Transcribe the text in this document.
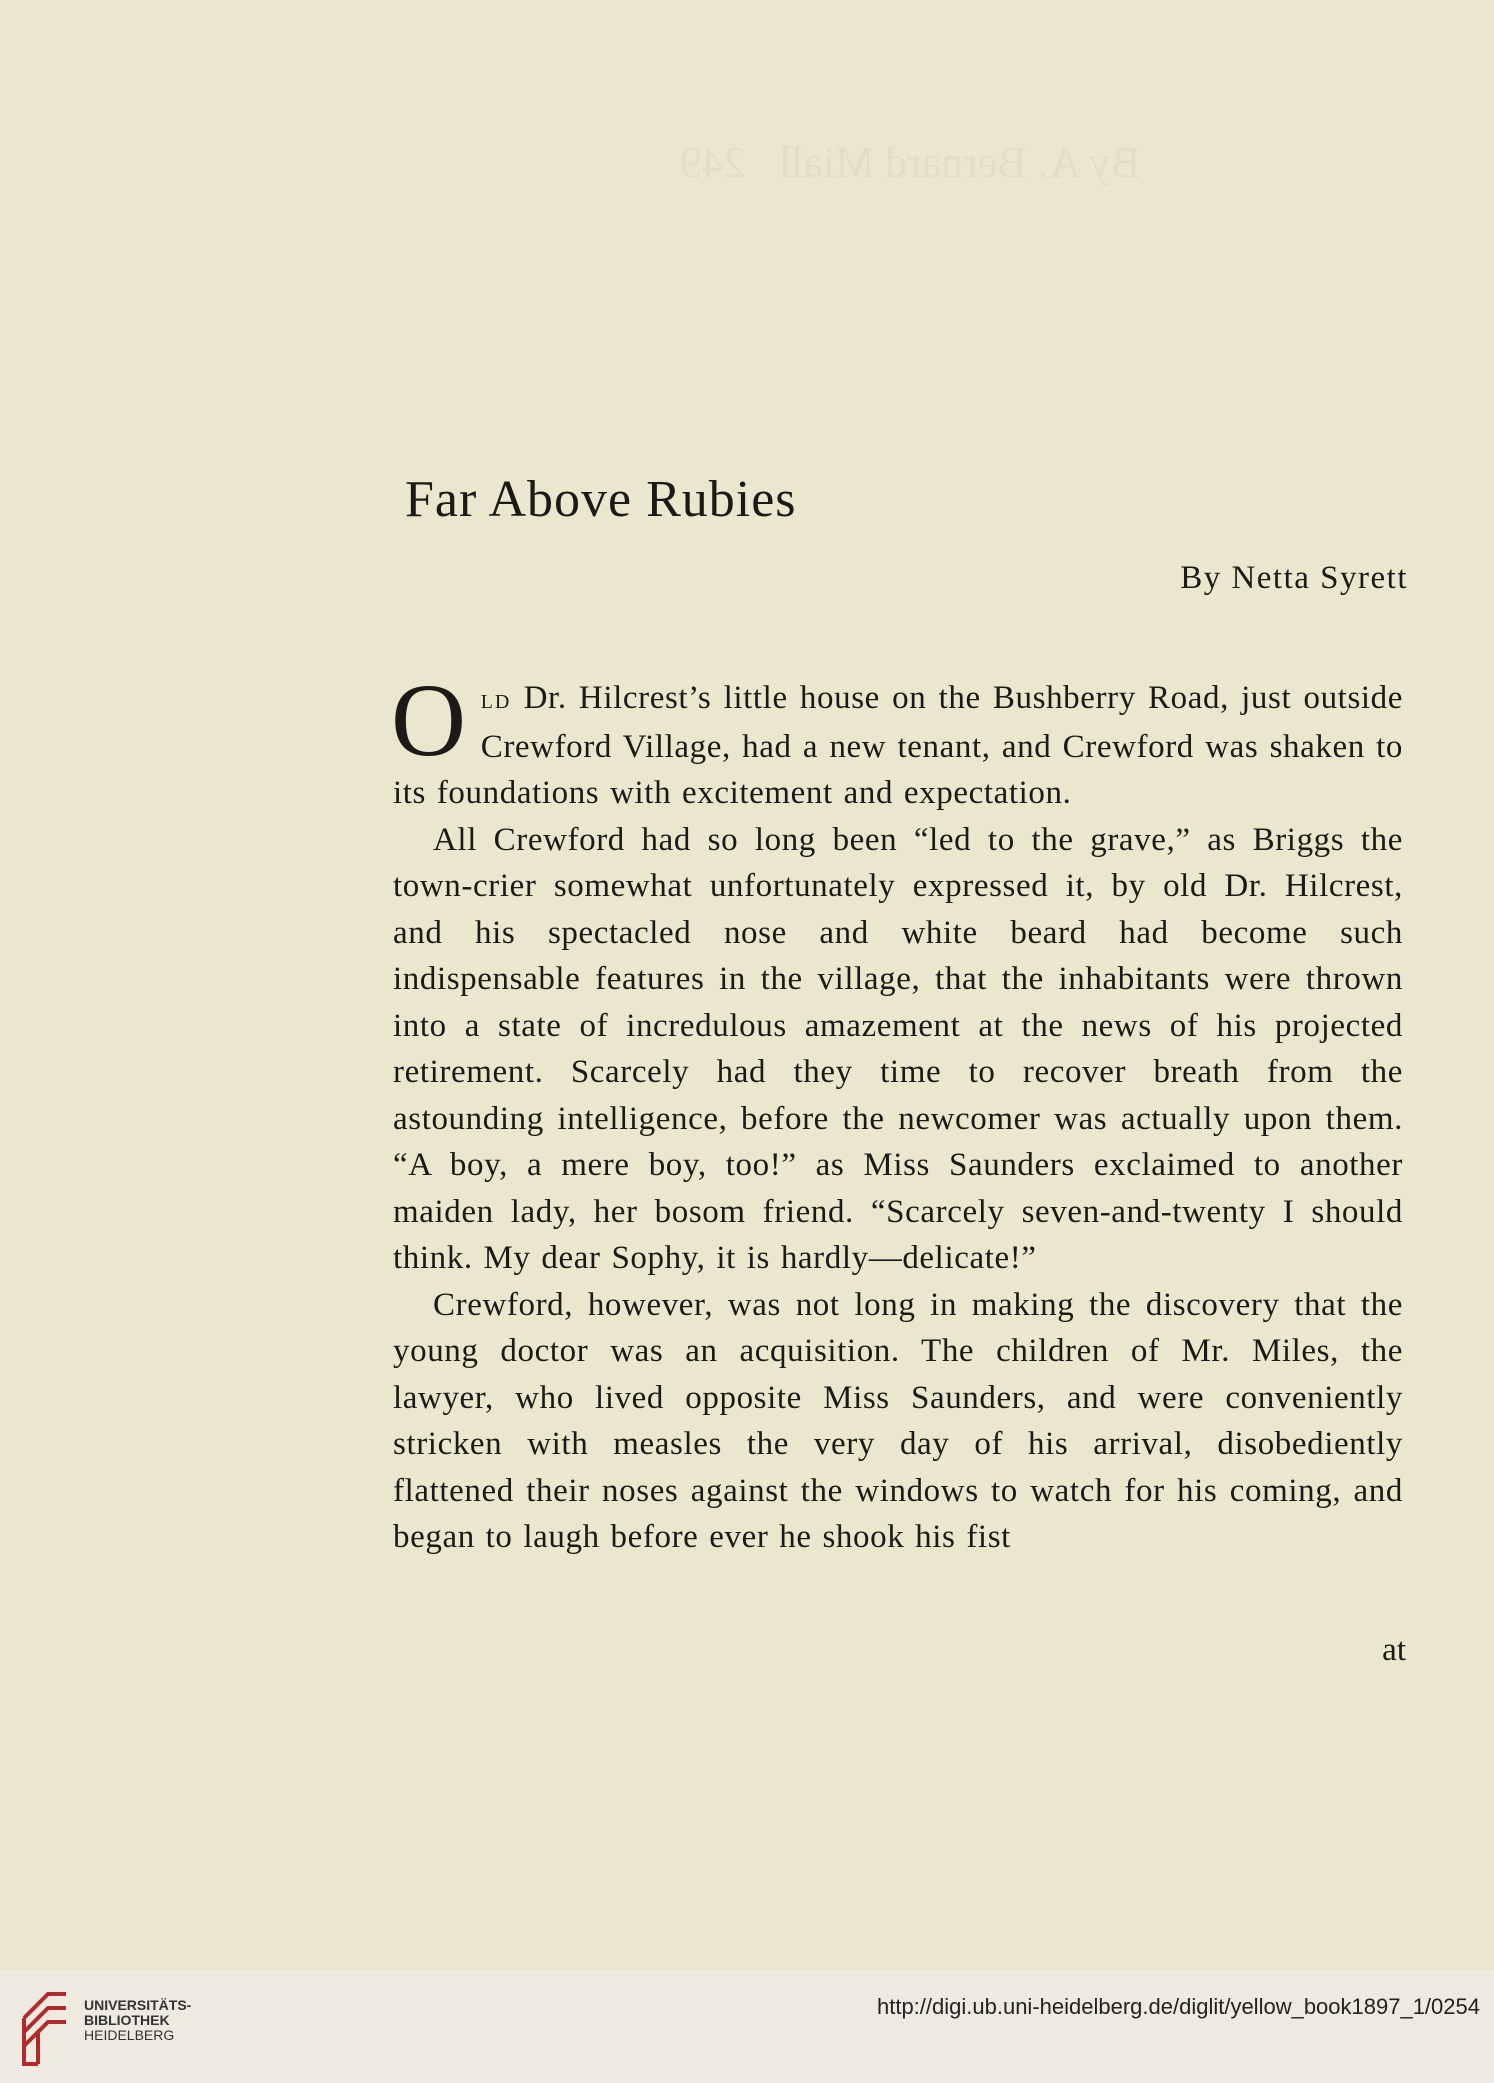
By A. Bernard Miall   249

Far Above Rubies
By Netta Syrett

Old Dr. Hilcrest’s little house on the Bushberry Road, just outside Crewford Village, had a new tenant, and Crewford was shaken to its foundations with excitement and expectation.

All Crewford had so long been “led to the grave,” as Briggs the town-crier somewhat unfortunately expressed it, by old Dr. Hilcrest, and his spectacled nose and white beard had become such indispensable features in the village, that the inhabitants were thrown into a state of incredulous amazement at the news of his projected retirement. Scarcely had they time to recover breath from the astounding intelligence, before the newcomer was actually upon them. “A boy, a mere boy, too!” as Miss Saunders exclaimed to another maiden lady, her bosom friend. “Scarcely seven-and-twenty I should think. My dear Sophy, it is hardly—delicate!”

Crewford, however, was not long in making the discovery that the young doctor was an acquisition. The children of Mr. Miles, the lawyer, who lived opposite Miss Saunders, and were conveniently stricken with measles the very day of his arrival, disobediently flattened their noses against the windows to watch for his coming, and began to laugh before ever he shook his fist

at
UNIVERSITÄTS-
BIBLIOTHEK
HEIDELBERG
http://digi.ub.uni-heidelberg.de/diglit/yellow_book1897_1/0254
